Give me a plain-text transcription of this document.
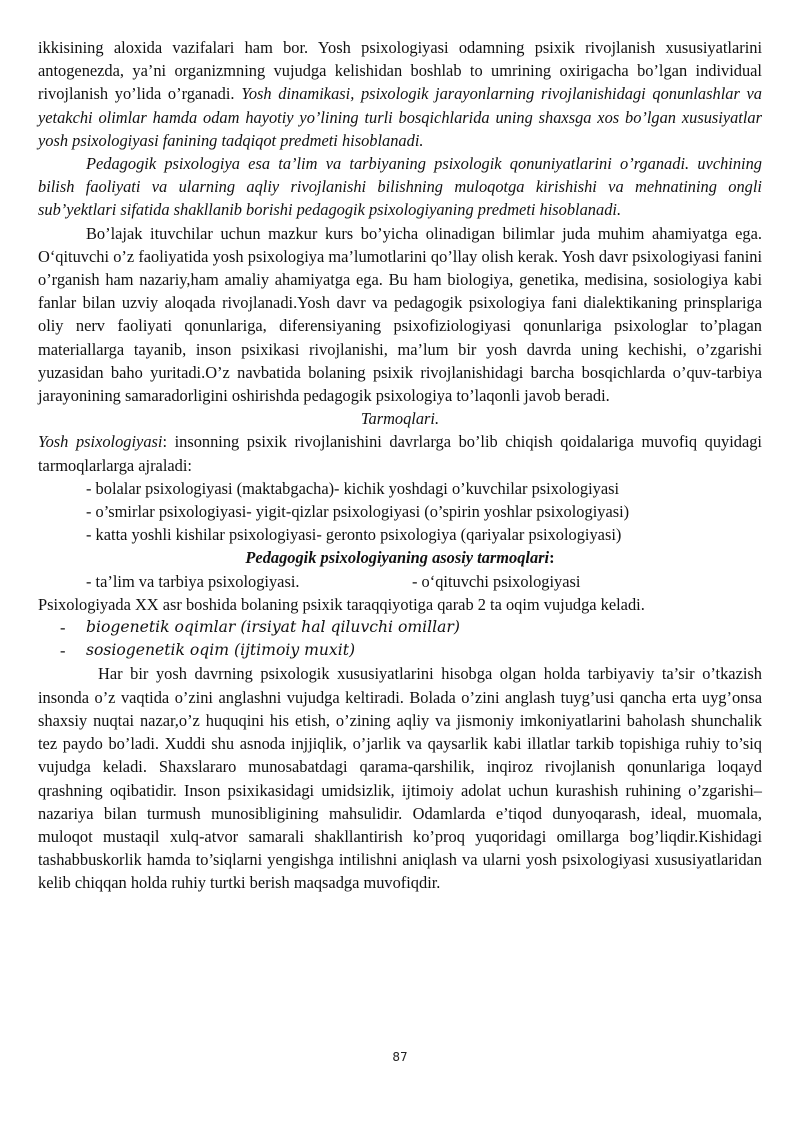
ikkisining aloxida vazifalari ham bor. Yosh psixologiyasi odamning psixik rivojlanish xususiyatlarini antogenezda, ya’ni organizmning vujudga kelishidan boshlab to umrining oxirigacha bo’lgan individual rivojlanish yo’lida o’rganadi. Yosh dinamikasi, psixologik jarayonlarning rivojlanishidagi qonunlashlar va yetakchi olimlar hamda odam hayotiy yo’lining turli bosqichlarida uning shaxsga xos bo’lgan xususiyatlar yosh psixologiyasi fanining tadqiqot predmeti hisoblanadi.

Pedagogik psixologiya esa ta’lim va tarbiyaning psixologik qonuniyatlarini o’rganadi. uvchining bilish faoliyati va ularning aqliy rivojlanishi bilishning muloqotga kirishishi va mehnatining ongli sub’yektlari sifatida shakllanib borishi pedagogik psixologiyaning predmeti hisoblanadi.

Bo’lajak ituvchilar uchun mazkur kurs bo’yicha olinadigan bilimlar juda muhim ahamiyatga ega. O‘qituvchi o’z faoliyatida yosh psixologiya ma’lumotlarini qo’llay olish kerak. Yosh davr psixologiyasi fanini o’rganish ham nazariy,ham amaliy ahamiyatga ega. Bu ham biologiya, genetika, medisina, sosiologiya kabi fanlar bilan uzviy aloqada rivojlanadi.Yosh davr va pedagogik psixologiya fani dialektikaning prinsplariga oliy nerv faoliyati qonunlariga, diferensiyaning psixofiziologiyasi qonunlariga psixologlar to’plagan materiallarga tayanib, inson psixikasi rivojlanishi, ma’lum bir yosh davrda uning kechishi, o’zgarishi yuzasidan baho yuritadi.O’z navbatida bolaning psixik rivojlanishidagi barcha bosqichlarda o’quv-tarbiya jarayonining samaradorligini oshirishda pedagogik psixologiya to’laqonli javob beradi.

Tarmoqlari.

Yosh psixologiyasi: insonning psixik rivojlanishini davrlarga bo’lib chiqish qoidalariga muvofiq quyidagi tarmoqlarlarga ajraladi:

- bolalar psixologiyasi (maktabgacha)- kichik yoshdagi o’kuvchilar psixologiyasi

- o’smirlar psixologiyasi- yigit-qizlar psixologiyasi (o’spirin yoshlar psixologiyasi)

- katta yoshli kishilar psixologiyasi- geronto psixologiya (qariyalar psixologiyasi)

Pedagogik psixologiyaning asosiy tarmoqlari:

- ta’lim va tarbiya psixologiyasi.	- o‘qituvchi psixologiyasi

Psixologiyada XX asr boshida bolaning psixik taraqqiyotiga qarab 2 ta oqim vujudga keladi.

-	biogenetik oqimlar (irsiyat hal qiluvchi omillar)
-	sosiogenetik oqim (ijtimoiy muxit)

Har bir yosh davrning psixologik xususiyatlarini hisobga olgan holda tarbiyaviy ta’sir o’tkazish insonda o’z vaqtida o’zini anglashni vujudga keltiradi. Bolada o’zini anglash tuyg’usi qancha erta uyg’onsa shaxsiy nuqtai nazar,o’z huquqini his etish, o’zining aqliy va jismoniy imkoniyatlarini baholash shunchalik tez paydo bo’ladi. Xuddi shu asnoda injjiqlik, o’jarlik va qaysarlik kabi illatlar tarkib topishiga ruhiy to’siq vujudga keladi. Shaxslararo munosabatdagi qarama-qarshilik, inqiroz rivojlanish qonunlariga loqayd qrashning oqibatidir. Inson psixikasidagi umidsizlik, ijtimoiy adolat uchun kurashish ruhining o’zgarishi–nazariya bilan turmush munosibligining mahsulidir. Odamlarda e’tiqod dunyoqarash, ideal, muomala, muloqot mustaqil xulq-atvor samarali shakllantirish ko’proq yuqoridagi omillarga bog’liqdir.Kishidagi tashabbuskorlik hamda to’siqlarni yengishga intilishni aniqlash va ularni yosh psixologiyasi xususiyatlaridan kelib chiqqan holda ruhiy turtki berish maqsadga muvofiqdir.

87
